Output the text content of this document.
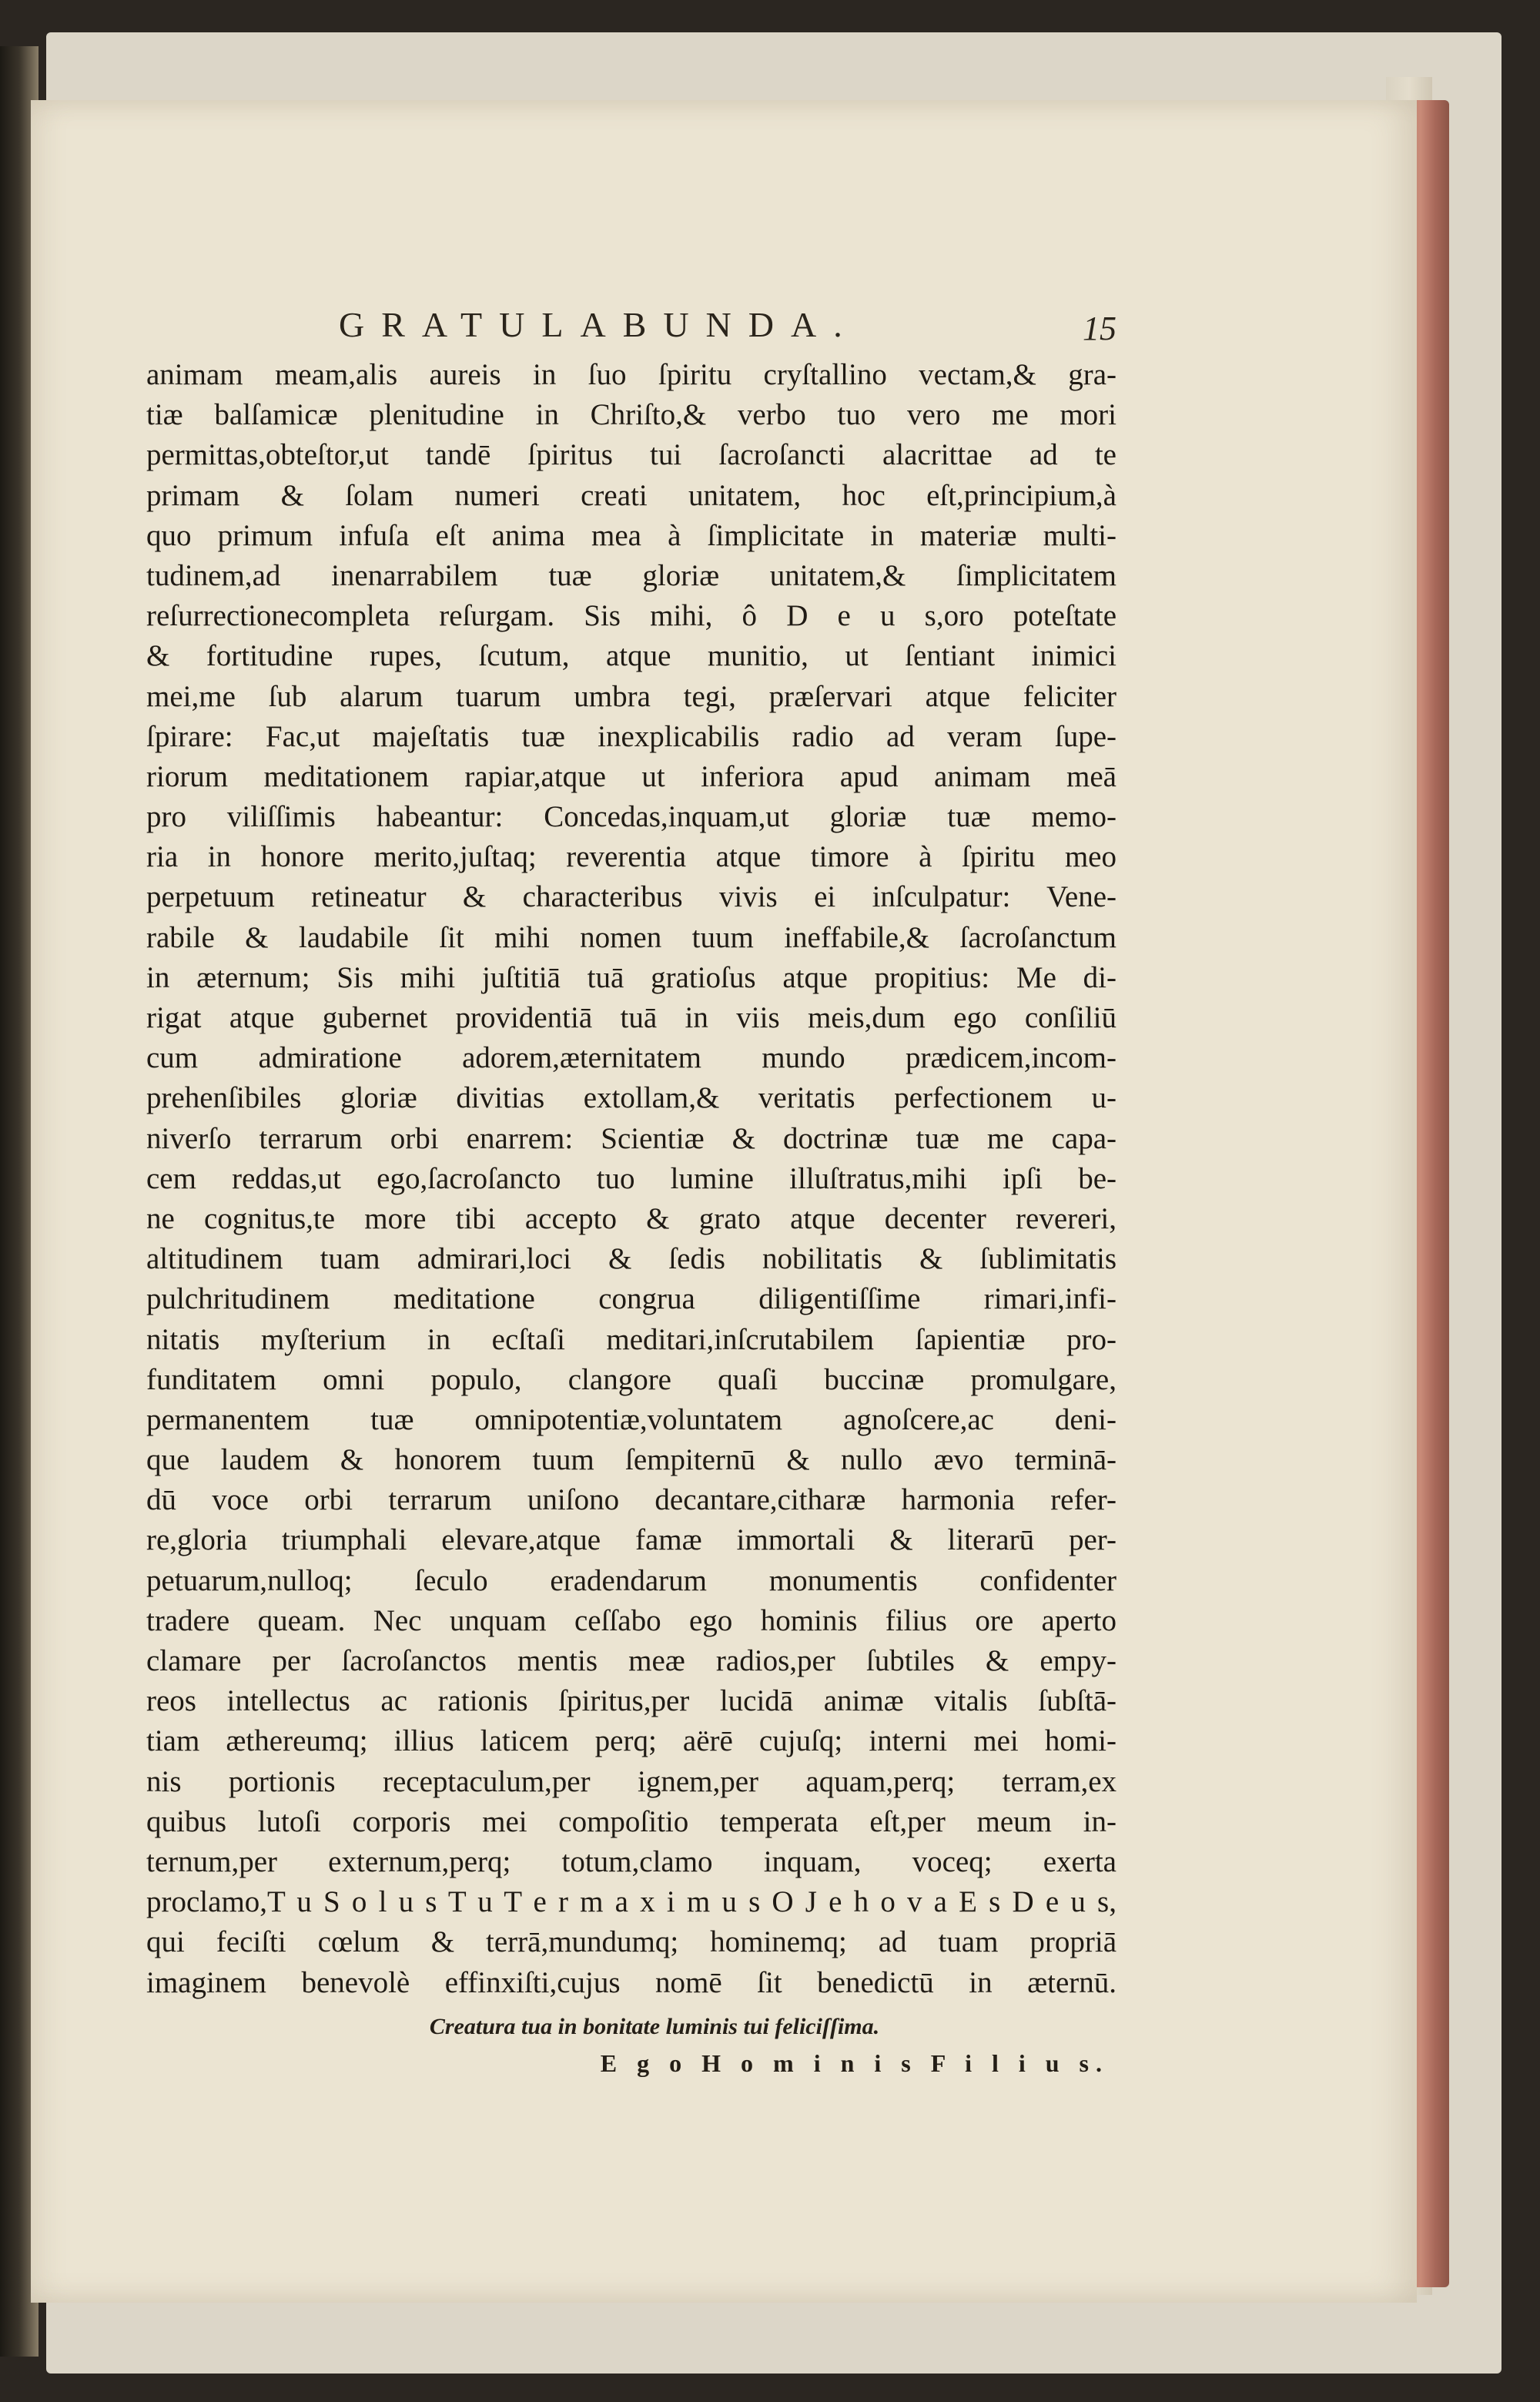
GRATULABUNDA.	15
animam meam,alis aureis in ſuo ſpiritu cryſtallino vectam,& gra-
tiæ balſamicæ plenitudine in Chriſto,& verbo tuo vero me mori
permittas,obteſtor,ut tandē ſpiritus tui ſacroſancti alacrittae ad te
primam & ſolam numeri creati unitatem, hoc eſt,principium,à
quo primum infuſa eſt anima mea à ſimplicitate in materiæ multi-
tudinem,ad inenarrabilem tuæ gloriæ unitatem,& ſimplicitatem
reſurrectionecompleta reſurgam. Sis mihi, ô D e u s,oro poteſtate
& fortitudine rupes, ſcutum, atque munitio, ut ſentiant inimici
mei,me ſub alarum tuarum umbra tegi, præſervari atque feliciter
ſpirare: Fac,ut majeſtatis tuæ inexplicabilis radio ad veram ſupe-
riorum meditationem rapiar,atque ut inferiora apud animam meā
pro viliſſimis habeantur: Concedas,inquam,ut gloriæ tuæ memo-
ria in honore merito,juſtaq; reverentia atque timore à ſpiritu meo
perpetuum retineatur & characteribus vivis ei inſculpatur: Vene-
rabile & laudabile ſit mihi nomen tuum ineffabile,& ſacroſanctum
in æternum; Sis mihi juſtitiā tuā gratioſus atque propitius: Me di-
rigat atque gubernet providentiā tuā in viis meis,dum ego conſiliū
cum admiratione adorem,æternitatem mundo prædicem,incom-
prehenſibiles gloriæ divitias extollam,& veritatis perfectionem u-
niverſo terrarum orbi enarrem: Scientiæ & doctrinæ tuæ me capa-
cem reddas,ut ego,ſacroſancto tuo lumine illuſtratus,mihi ipſi be-
ne cognitus,te more tibi accepto & grato atque decenter revereri,
altitudinem tuam admirari,loci & ſedis nobilitatis & ſublimitatis
pulchritudinem meditatione congrua diligentiſſime rimari,infi-
nitatis myſterium in ecſtaſi meditari,inſcrutabilem ſapientiæ pro-
funditatem omni populo, clangore quaſi buccinæ promulgare,
permanentem tuæ omnipotentiæ,voluntatem agnoſcere,ac deni-
que laudem & honorem tuum ſempiternū & nullo ævo terminā-
dū voce orbi terrarum uniſono decantare,citharæ harmonia refer-
re,gloria triumphali elevare,atque famæ immortali & literarū per-
petuarum,nulloq; ſeculo eradendarum monumentis confidenter
tradere queam. Nec unquam ceſſabo ego hominis filius ore aperto
clamare per ſacroſanctos mentis meæ radios,per ſubtiles & empy-
reos intellectus ac rationis ſpiritus,per lucidā animæ vitalis ſubſtā-
tiam æthereumq; illius laticem perq; aërē cujuſq; interni mei homi-
nis portionis receptaculum,per ignem,per aquam,perq; terram,ex
quibus lutoſi corporis mei compoſitio temperata eſt,per meum in-
ternum,per externum,perq; totum,clamo inquam, voceq; exerta
proclamo,T u S o l u s T u T e r m a x i m u s O J e h o v a E s D e u s,
qui feciſti cœlum & terrā,mundumq; hominemq; ad tuam propriā
imaginem benevolè effinxiſti,cujus nomē ſit benedictū in æternū.
Creatura tua in bonitate luminis tui feliciſſima.
E g o H o m i n i s F i l i u s.
